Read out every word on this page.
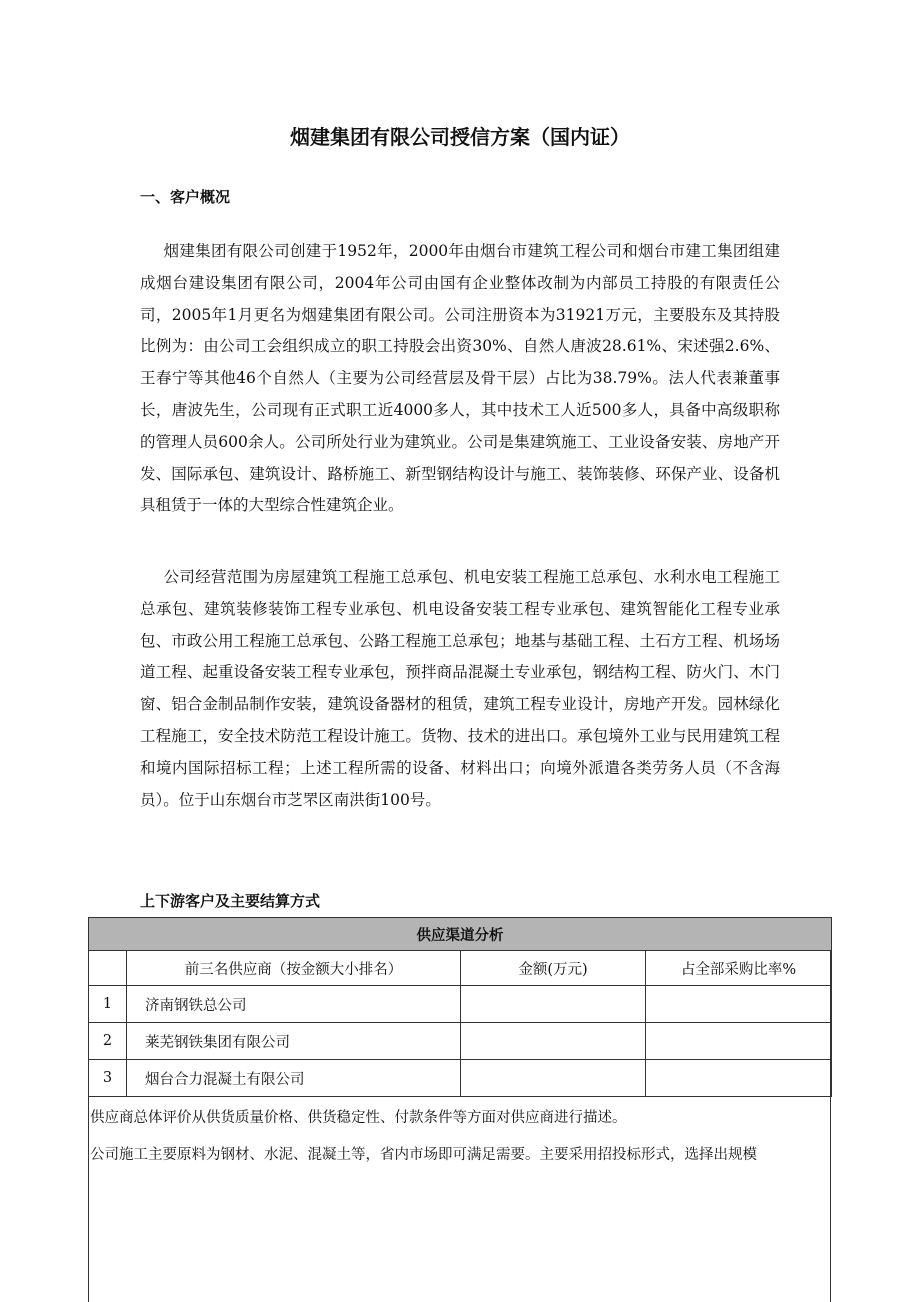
烟建集团有限公司授信方案（国内证）
一、客户概况

  烟建集团有限公司创建于1952年，2000年由烟台市建筑工程公司和烟台市建工集团组建成烟台建设集团有限公司，2004年公司由国有企业整体改制为内部员工持股的有限责任公司，2005年1月更名为烟建集团有限公司。公司注册资本为31921万元，主要股东及其持股比例为：由公司工会组织成立的职工持股会出资30%、自然人唐波28.61%、宋述强2.6%、王春宁等其他46个自然人（主要为公司经营层及骨干层）占比为38.79%。法人代表兼董事长，唐波先生，公司现有正式职工近4000多人，其中技术工人近500多人，具备中高级职称的管理人员600余人。公司所处行业为建筑业。公司是集建筑施工、工业设备安装、房地产开发、国际承包、建筑设计、路桥施工、新型钢结构设计与施工、装饰装修、环保产业、设备机具租赁于一体的大型综合性建筑企业。

  公司经营范围为房屋建筑工程施工总承包、机电安装工程施工总承包、水利水电工程施工总承包、建筑装修装饰工程专业承包、机电设备安装工程专业承包、建筑智能化工程专业承包、市政公用工程施工总承包、公路工程施工总承包；地基与基础工程、土石方工程、机场场道工程、起重设备安装工程专业承包，预拌商品混凝土专业承包，钢结构工程、防火门、木门窗、铝合金制品制作安装，建筑设备器材的租赁，建筑工程专业设计，房地产开发。园林绿化工程施工，安全技术防范工程设计施工。货物、技术的进出口。承包境外工业与民用建筑工程和境内国际招标工程；上述工程所需的设备、材料出口；向境外派遣各类劳务人员（不含海员）。位于山东烟台市芝罘区南洪街100号。

上下游客户及主要结算方式
供应渠道分析			
	前三名供应商（按金额大小排名）	金额(万元)	占全部采购比率%
1	济南钢铁总公司		
2	莱芜钢铁集团有限公司		
3	烟台合力混凝土有限公司		
供应商总体评价从供货质量价格、供货稳定性、付款条件等方面对供应商进行描述。
公司施工主要原料为钢材、水泥、混凝土等，省内市场即可满足需要。主要采用招投标形式，选择出规模
